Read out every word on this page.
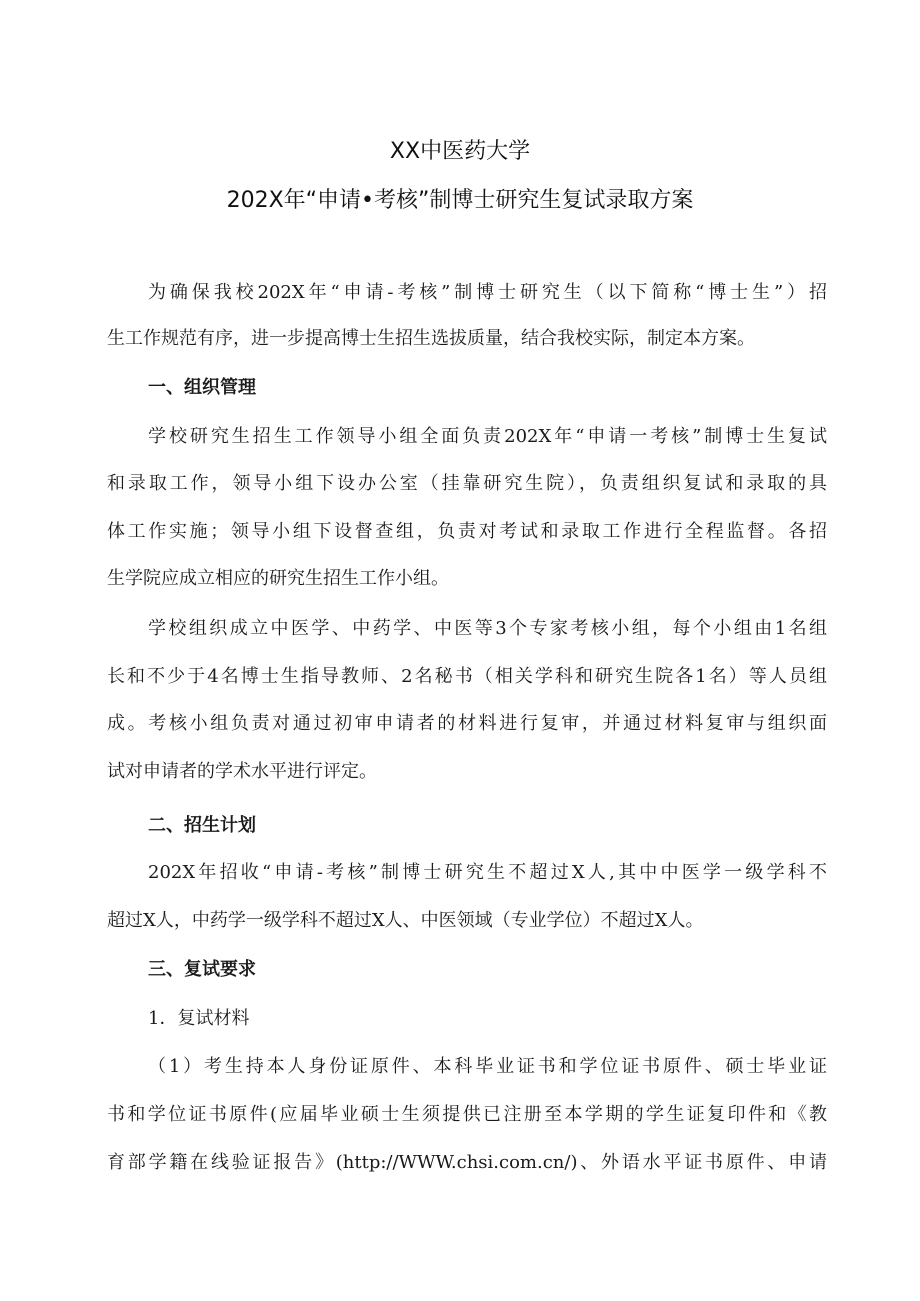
XX中医药大学
202X年“申请•考核”制博士研究生复试录取方案
为确保我校202X年“申请-考核”制博士研究生（以下简称“博士生”）招
生工作规范有序，进一步提高博士生招生选拔质量，结合我校实际，制定本方案。
一、组织管理
学校研究生招生工作领导小组全面负责202X年“申请一考核”制博士生复试
和录取工作，领导小组下设办公室（挂靠研究生院），负责组织复试和录取的具
体工作实施；领导小组下设督查组，负责对考试和录取工作进行全程监督。各招
生学院应成立相应的研究生招生工作小组。
学校组织成立中医学、中药学、中医等3个专家考核小组，每个小组由1名组
长和不少于4名博士生指导教师、2名秘书（相关学科和研究生院各1名）等人员组
成。考核小组负责对通过初审申请者的材料进行复审，并通过材料复审与组织面
试对申请者的学术水平进行评定。
二、招生计划
202X年招收“申请-考核”制博士研究生不超过X人,其中中医学一级学科不
超过X人，中药学一级学科不超过X人、中医领域（专业学位）不超过X人。
三、复试要求
1．复试材料
（1）考生持本人身份证原件、本科毕业证书和学位证书原件、硕士毕业证
书和学位证书原件(应届毕业硕士生须提供已注册至本学期的学生证复印件和《教
育部学籍在线验证报告》(http://WWW.chsi.com.cn/)、外语水平证书原件、申请
